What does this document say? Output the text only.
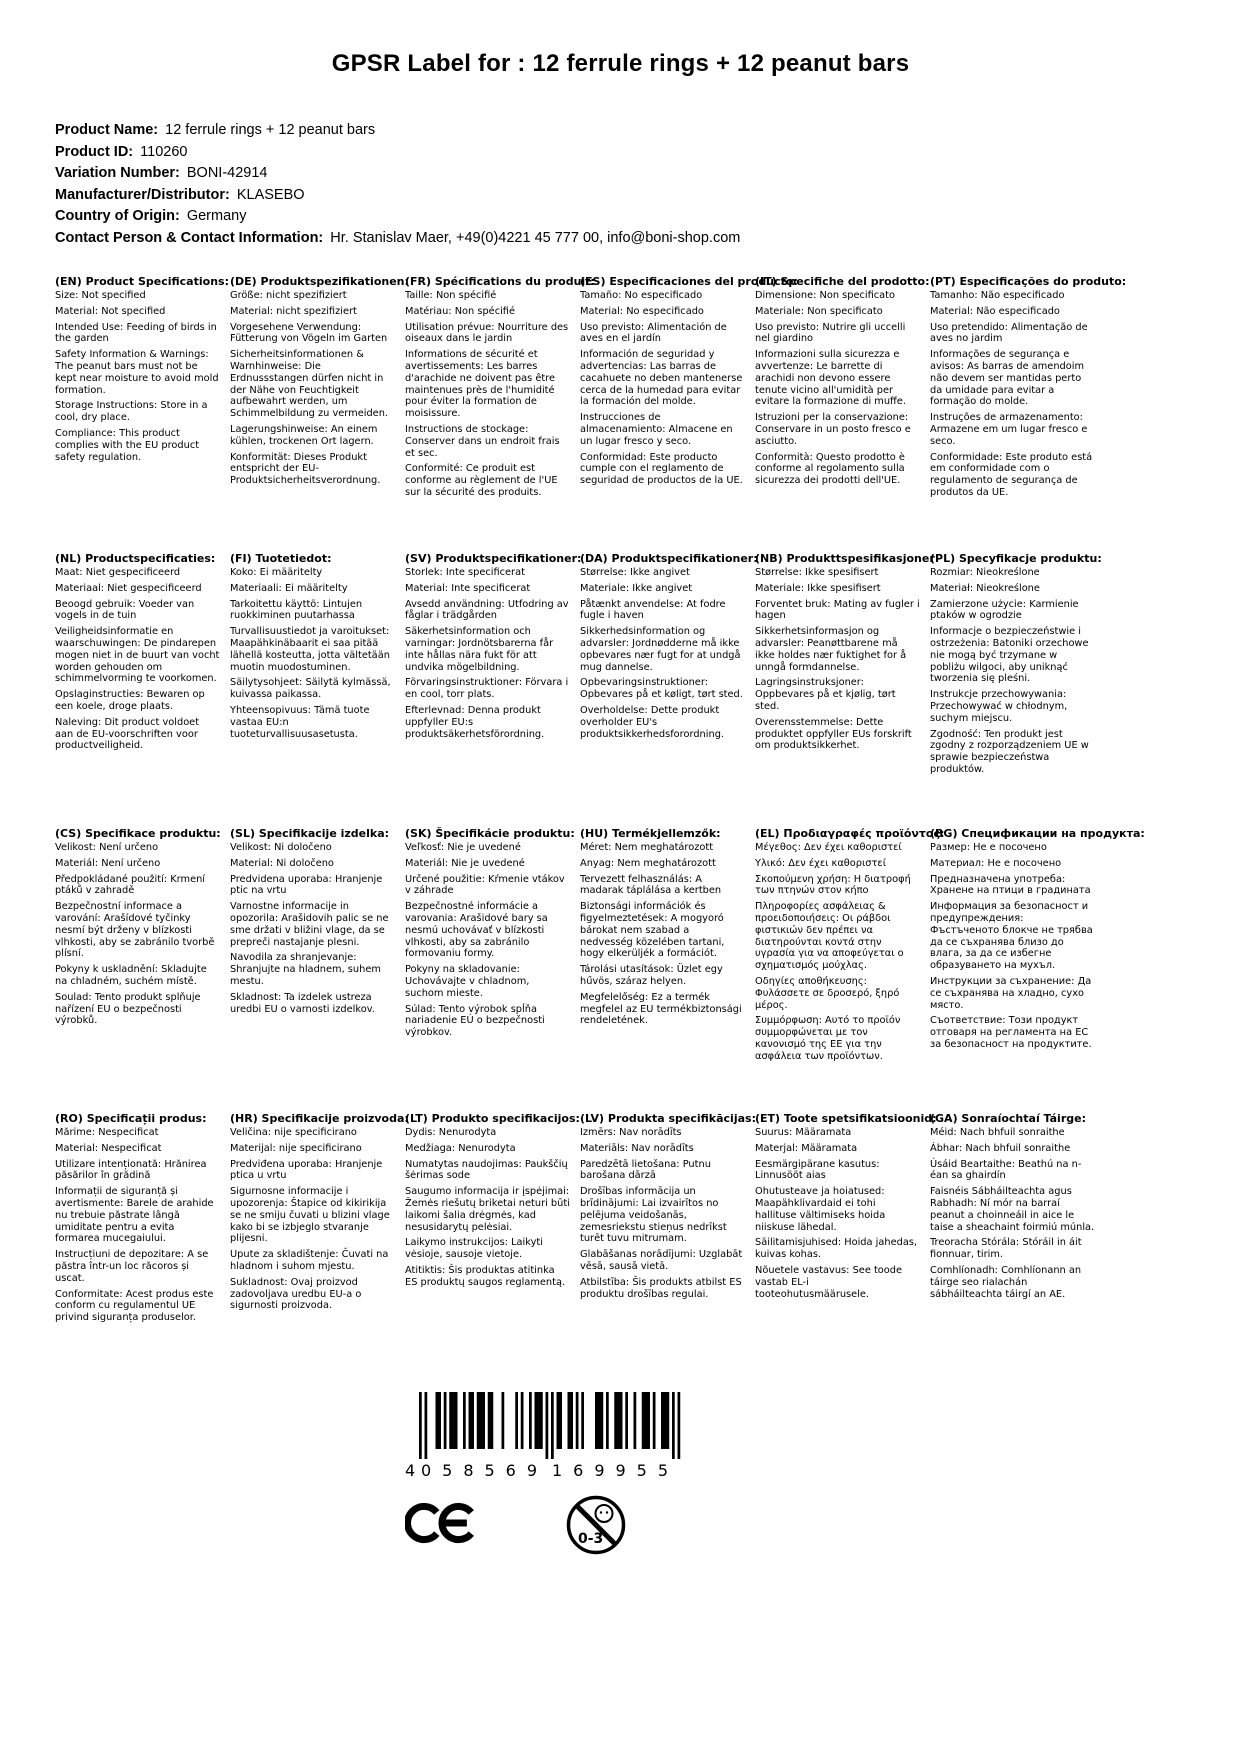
GPSR Label for : 12 ferrule rings + 12 peanut bars
Product Name: 12 ferrule rings + 12 peanut bars
Product ID: 110260
Variation Number: BONI-42914
Manufacturer/Distributor: KLASEBO
Country of Origin: Germany
Contact Person & Contact Information: Hr. Stanislav Maer, +49(0)4221 45 777 00, info@boni-shop.com
(EN) Product Specifications:

Size: Not specified

Material: Not specified

Intended Use: Feeding of birds in the garden

Safety Information & Warnings: The peanut bars must not be kept near moisture to avoid mold formation.

Storage Instructions: Store in a cool, dry place.

Compliance: This product complies with the EU product safety regulation.

(DE) Produktspezifikationen:

Größe: nicht spezifiziert

Material: nicht spezifiziert

Vorgesehene Verwendung: Fütterung von Vögeln im Garten

Sicherheitsinformationen & Warnhinweise: Die Erdnussstangen dürfen nicht in der Nähe von Feuchtigkeit aufbewahrt werden, um Schimmelbildung zu vermeiden.

Lagerungshinweise: An einem kühlen, trockenen Ort lagern.

Konformität: Dieses Produkt entspricht der EU-Produktsicherheitsverordnung.

(FR) Spécifications du produit:

Taille: Non spécifié

Matériau: Non spécifié

Utilisation prévue: Nourriture des oiseaux dans le jardin

Informations de sécurité et avertissements: Les barres d'arachide ne doivent pas être maintenues près de l'humidité pour éviter la formation de moisissure.

Instructions de stockage: Conserver dans un endroit frais et sec.

Conformité: Ce produit est conforme au règlement de l'UE sur la sécurité des produits.

(ES) Especificaciones del producto:

Tamaño: No especificado

Material: No especificado

Uso previsto: Alimentación de aves en el jardín

Información de seguridad y advertencias: Las barras de cacahuete no deben mantenerse cerca de la humedad para evitar la formación del molde.

Instrucciones de almacenamiento: Almacene en un lugar fresco y seco.

Conformidad: Este producto cumple con el reglamento de seguridad de productos de la UE.

(IT) Specifiche del prodotto:

Dimensione: Non specificato

Materiale: Non specificato

Uso previsto: Nutrire gli uccelli nel giardino

Informazioni sulla sicurezza e avvertenze: Le barrette di arachidi non devono essere tenute vicino all'umidità per evitare la formazione di muffe.

Istruzioni per la conservazione: Conservare in un posto fresco e asciutto.

Conformità: Questo prodotto è conforme al regolamento sulla sicurezza dei prodotti dell'UE.

(PT) Especificações do produto:

Tamanho: Não especificado

Material: Não especificado

Uso pretendido: Alimentação de aves no jardim

Informações de segurança e avisos: As barras de amendoim não devem ser mantidas perto da umidade para evitar a formação do molde.

Instruções de armazenamento: Armazene em um lugar fresco e seco.

Conformidade: Este produto está em conformidade com o regulamento de segurança de produtos da UE.

(NL) Productspecificaties:

Maat: Niet gespecificeerd

Materiaal: Niet gespecificeerd

Beoogd gebruik: Voeder van vogels in de tuin

Veiligheidsinformatie en waarschuwingen: De pindarepen mogen niet in de buurt van vocht worden gehouden om schimmelvorming te voorkomen.

Opslaginstructies: Bewaren op een koele, droge plaats.

Naleving: Dit product voldoet aan de EU-voorschriften voor productveiligheid.

(FI) Tuotetiedot:

Koko: Ei määritelty

Materiaali: Ei määritelty

Tarkoitettu käyttö: Lintujen ruokkiminen puutarhassa

Turvallisuustiedot ja varoitukset: Maapähkinäbaarit ei saa pitää lähellä kosteutta, jotta vältetään muotin muodostuminen.

Säilytysohjeet: Säilytä kylmässä, kuivassa paikassa.

Yhteensopivuus: Tämä tuote vastaa EU:n tuoteturvallisuusasetusta.

(SV) Produktspecifikationer:

Storlek: Inte specificerat

Material: Inte specificerat

Avsedd användning: Utfodring av fåglar i trädgården

Säkerhetsinformation och varningar: Jordnötsbarerna får inte hållas nära fukt för att undvika mögelbildning.

Förvaringsinstruktioner: Förvara i en cool, torr plats.

Efterlevnad: Denna produkt uppfyller EU:s produktsäkerhetsförordning.

(DA) Produktspecifikationer:

Størrelse: Ikke angivet

Materiale: Ikke angivet

Påtænkt anvendelse: At fodre fugle i haven

Sikkerhedsinformation og advarsler: Jordnødderne må ikke opbevares nær fugt for at undgå mug dannelse.

Opbevaringsinstruktioner: Opbevares på et køligt, tørt sted.

Overholdelse: Dette produkt overholder EU's produktsikkerhedsforordning.

(NB) Produkttspesifikasjoner:

Størrelse: Ikke spesifisert

Materiale: Ikke spesifisert

Forventet bruk: Mating av fugler i hagen

Sikkerhetsinformasjon og advarsler: Peanøttbarene må ikke holdes nær fuktighet for å unngå formdannelse.

Lagringsinstruksjoner: Oppbevares på et kjølig, tørt sted.

Overensstemmelse: Dette produktet oppfyller EUs forskrift om produktsikkerhet.

(PL) Specyfikacje produktu:

Rozmiar: Nieokreślone

Materiał: Nieokreślone

Zamierzone użycie: Karmienie ptaków w ogrodzie

Informacje o bezpieczeństwie i ostrzeżenia: Batoniki orzechowe nie mogą być trzymane w pobliżu wilgoci, aby uniknąć tworzenia się pleśni.

Instrukcje przechowywania: Przechowywać w chłodnym, suchym miejscu.

Zgodność: Ten produkt jest zgodny z rozporządzeniem UE w sprawie bezpieczeństwa produktów.

(CS) Specifikace produktu:

Velikost: Není určeno

Materiál: Není určeno

Předpokládané použití: Krmení ptáků v zahradě

Bezpečnostní informace a varování: Arašídové tyčinky nesmí být drženy v blízkosti vlhkosti, aby se zabránilo tvorbě plísní.

Pokyny k uskladnění: Skladujte na chladném, suchém místě.

Soulad: Tento produkt splňuje nařízení EU o bezpečnosti výrobků.

(SL) Specifikacije izdelka:

Velikost: Ni določeno

Material: Ni določeno

Predvidena uporaba: Hranjenje ptic na vrtu

Varnostne informacije in opozorila: Arašidovih palic se ne sme držati v bližini vlage, da se prepreči nastajanje plesni.

Navodila za shranjevanje: Shranjujte na hladnem, suhem mestu.

Skladnost: Ta izdelek ustreza uredbi EU o varnosti izdelkov.

(SK) Špecifikácie produktu:

Veľkosť: Nie je uvedené

Materiál: Nie je uvedené

Určené použitie: Kŕmenie vtákov v záhrade

Bezpečnostné informácie a varovania: Arašidové bary sa nesmú uchovávať v blízkosti vlhkosti, aby sa zabránilo formovaniu formy.

Pokyny na skladovanie: Uchovávajte v chladnom, suchom mieste.

Súlad: Tento výrobok spĺňa nariadenie EÚ o bezpečnosti výrobkov.

(HU) Termékjellemzők:

Méret: Nem meghatározott

Anyag: Nem meghatározott

Tervezett felhasználás: A madarak táplálása a kertben

Biztonsági információk és figyelmeztetések: A mogyoró bárokat nem szabad a nedvesség közelében tartani, hogy elkerüljék a formációt.

Tárolási utasítások: Üzlet egy hűvös, száraz helyen.

Megfelelőség: Ez a termék megfelel az EU termékbiztonsági rendeletének.

(EL) Προδιαγραφές προϊόντος:

Μέγεθος: Δεν έχει καθοριστεί

Υλικό: Δεν έχει καθοριστεί

Σκοπούμενη χρήση: Η διατροφή των πτηνών στον κήπο

Πληροφορίες ασφάλειας & προειδοποιήσεις: Οι ράβδοι φιστικιών δεν πρέπει να διατηρούνται κοντά στην υγρασία για να αποφεύγεται ο σχηματισμός μούχλας.

Οδηγίες αποθήκευσης: Φυλάσσετε σε δροσερό, ξηρό μέρος.

Συμμόρφωση: Αυτό το προϊόν συμμορφώνεται με τον κανονισμό της ΕΕ για την ασφάλεια των προϊόντων.

(BG) Спецификации на продукта:

Размер: Не е посочено

Материал: Не е посочено

Предназначена употреба: Хранене на птици в градината

Информация за безопасност и предупреждения: Фъстъченото блокче не трябва да се съхранява близо до влага, за да се избегне образуването на мухъл.

Инструкции за съхранение: Да се съхранява на хладно, сухо място.

Съответствие: Този продукт отговаря на регламента на ЕС за безопасност на продуктите.

(RO) Specificații produs:

Mărime: Nespecificat

Material: Nespecificat

Utilizare intenționată: Hrănirea păsărilor în grădină

Informații de siguranță și avertismente: Barele de arahide nu trebuie păstrate lângă umiditate pentru a evita formarea mucegaiului.

Instrucțiuni de depozitare: A se păstra într-un loc răcoros și uscat.

Conformitate: Acest produs este conform cu regulamentul UE privind siguranța produselor.

(HR) Specifikacije proizvoda:

Veličina: nije specificirano

Materijal: nije specificirano

Predviđena uporaba: Hranjenje ptica u vrtu

Sigurnosne informacije i upozorenja: Štapice od kikirikija se ne smiju čuvati u blizini vlage kako bi se izbjeglo stvaranje plijesni.

Upute za skladištenje: Čuvati na hladnom i suhom mjestu.

Sukladnost: Ovaj proizvod zadovoljava uredbu EU-a o sigurnosti proizvoda.

(LT) Produkto specifikacijos:

Dydis: Nenurodyta

Medžiaga: Nenurodyta

Numatytas naudojimas: Paukščių šėrimas sode

Saugumo informacija ir įspėjimai: Žemės riešutų briketai neturi būti laikomi šalia drėgmės, kad nesusidarytų pelėsiai.

Laikymo instrukcijos: Laikyti vėsioje, sausoje vietoje.

Atitiktis: Šis produktas atitinka ES produktų saugos reglamentą.

(LV) Produkta specifikācijas:

Izmērs: Nav norādīts

Materiāls: Nav norādīts

Paredzētā lietošana: Putnu barošana dārzā

Drošības informācija un brīdinājumi: Lai izvairītos no pelējuma veidošanās, zemesriekstu stieņus nedrīkst turēt tuvu mitrumam.

Glabāšanas norādījumi: Uzglabāt vēsā, sausā vietā.

Atbilstība: Šis produkts atbilst ES produktu drošības regulai.

(ET) Toote spetsifikatsioonid:

Suurus: Määramata

Materjal: Määramata

Eesmärgipärane kasutus: Linnusööt aias

Ohutusteave ja hoiatused: Maapähklivardaid ei tohi hallituse vältimiseks hoida niiskuse lähedal.

Säilitamisjuhised: Hoida jahedas, kuivas kohas.

Nõuetele vastavus: See toode vastab EL-i tooteohutusmäärusele.

(GA) Sonraíochtaí Táirge:

Méid: Nach bhfuil sonraithe

Ábhar: Nach bhfuil sonraithe

Úsáid Beartaithe: Beathú na n-éan sa ghairdín

Faisnéis Sábháilteachta agus Rabhadh: Ní mór na barraí peanut a choinneáil in aice le taise a sheachaint foirmiú múnla.

Treoracha Stórála: Stóráil in áit fionnuar, tirim.

Comhlíonadh: Comhlíonann an táirge seo rialachán sábháilteachta táirgí an AE.

4 058569 169955
0-3
